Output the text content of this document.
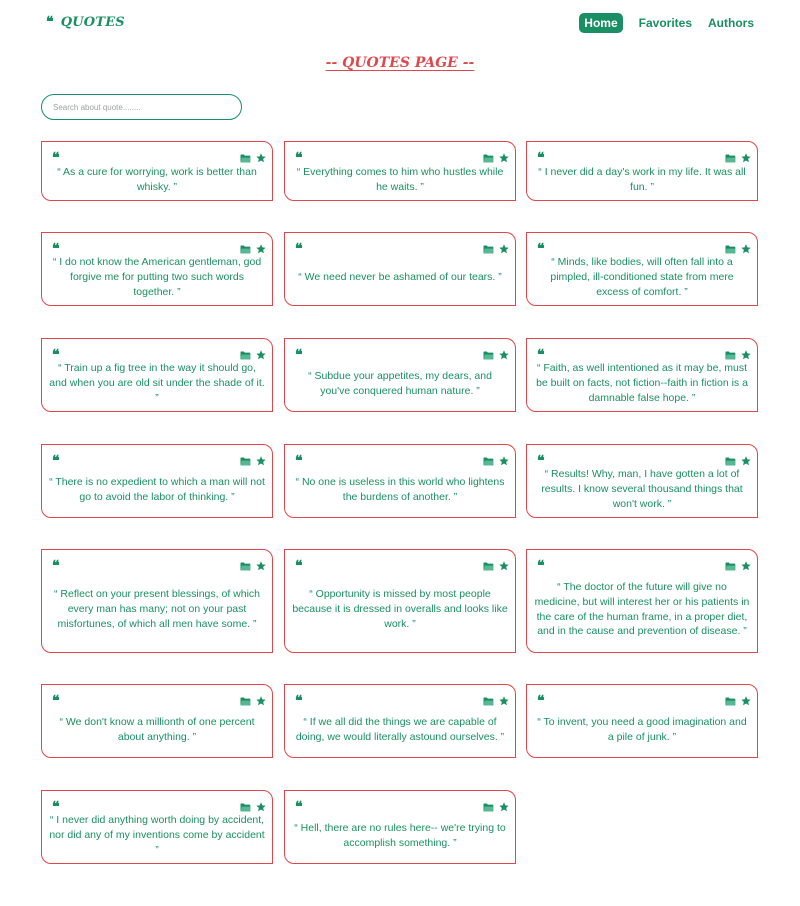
❝ QUOTES	Home	Favorites Authors
-- QUOTES PAGE --
Search about quote........
❝
“ As a cure for worrying, work is better than whisky. ”
❝
“ Everything comes to him who hustles while he waits. ”
❝
“ I never did a day's work in my life. It was all fun. ”
❝
“ I do not know the American gentleman, god forgive me for putting two such words together. ”
❝
“ We need never be ashamed of our tears. ”
❝
“ Minds, like bodies, will often fall into a pimpled, ill-conditioned state from mere excess of comfort. ”
❝
“ Train up a fig tree in the way it should go, and when you are old sit under the shade of it. ”
❝
“ Subdue your appetites, my dears, and you've conquered human nature. ”
❝
“ Faith, as well intentioned as it may be, must be built on facts, not fiction--faith in fiction is a damnable false hope. ”
❝
“ There is no expedient to which a man will not go to avoid the labor of thinking. ”
❝
“ No one is useless in this world who lightens the burdens of another. ”
❝
“ Results! Why, man, I have gotten a lot of results. I know several thousand things that won't work. ”
❝
“ Reflect on your present blessings, of which every man has many; not on your past misfortunes, of which all men have some. ”
❝
“ Opportunity is missed by most people because it is dressed in overalls and looks like work. ”
❝
“ The doctor of the future will give no medicine, but will interest her or his patients in the care of the human frame, in a proper diet, and in the cause and prevention of disease. ”
❝
“ We don't know a millionth of one percent about anything. ”
❝
“ If we all did the things we are capable of doing, we would literally astound ourselves. ”
❝
“ To invent, you need a good imagination and a pile of junk. ”
❝
“ I never did anything worth doing by accident, nor did any of my inventions come by accident ”
❝
“ Hell, there are no rules here-- we're trying to accomplish something. ”
